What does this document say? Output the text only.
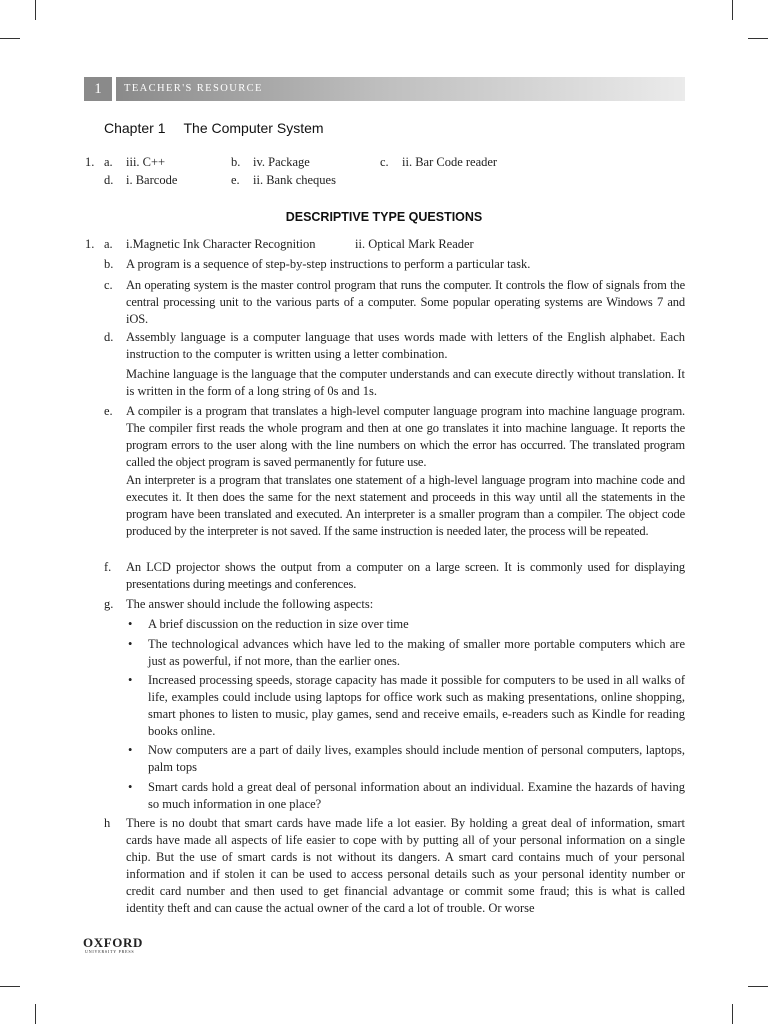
1	TEACHER'S RESOURCE
Chapter 1 The Computer System
1. a. iii. C++	b. iv. Package	c. ii. Bar Code reader
d. i. Barcode	e. ii. Bank cheques
DESCRIPTIVE TYPE QUESTIONS
1. a. i.Magnetic Ink Character Recognition	ii. Optical Mark Reader
b. A program is a sequence of step-by-step instructions to perform a particular task.
c. An operating system is the master control program that runs the computer. It controls the flow of signals from the central processing unit to the various parts of a computer. Some popular operating systems are Windows 7 and iOS.
d. Assembly language is a computer language that uses words made with letters of the English alphabet. Each instruction to the computer is written using a letter combination.
Machine language is the language that the computer understands and can execute directly without translation. It is written in the form of a long string of 0s and 1s.
e. A compiler is a program that translates a high-level computer language program into machine language program. The compiler first reads the whole program and then at one go translates it into machine language. It reports the program errors to the user along with the line numbers on which the error has occurred. The translated program called the object program is saved permanently for future use.
An interpreter is a program that translates one statement of a high-level language program into machine code and executes it. It then does the same for the next statement and proceeds in this way until all the statements in the program have been translated and executed. An interpreter is a smaller program than a compiler. The object code produced by the interpreter is not saved. If the same instruction is needed later, the process will be repeated.
f. An LCD projector shows the output from a computer on a large screen. It is commonly used for displaying presentations during meetings and conferences.
g. The answer should include the following aspects:
• A brief discussion on the reduction in size over time
• The technological advances which have led to the making of smaller more portable computers which are just as powerful, if not more, than the earlier ones.
• Increased processing speeds, storage capacity has made it possible for computers to be used in all walks of life, examples could include using laptops for office work such as making presentations, online shopping, smart phones to listen to music, play games, send and receive emails, e-readers such as Kindle for reading books online.
• Now computers are a part of daily lives, examples should include mention of personal computers, laptops, palm tops
• Smart cards hold a great deal of personal information about an individual. Examine the hazards of having so much information in one place?
h There is no doubt that smart cards have made life a lot easier. By holding a great deal of information, smart cards have made all aspects of life easier to cope with by putting all of your personal information on a single chip. But the use of smart cards is not without its dangers. A smart card contains much of your personal information and if stolen it can be used to access personal details such as your personal identity number or credit card number and then used to get financial advantage or commit some fraud; this is what is called identity theft and can cause the actual owner of the card a lot of trouble. Or worse
OXFORD
UNIVERSITY PRESS
